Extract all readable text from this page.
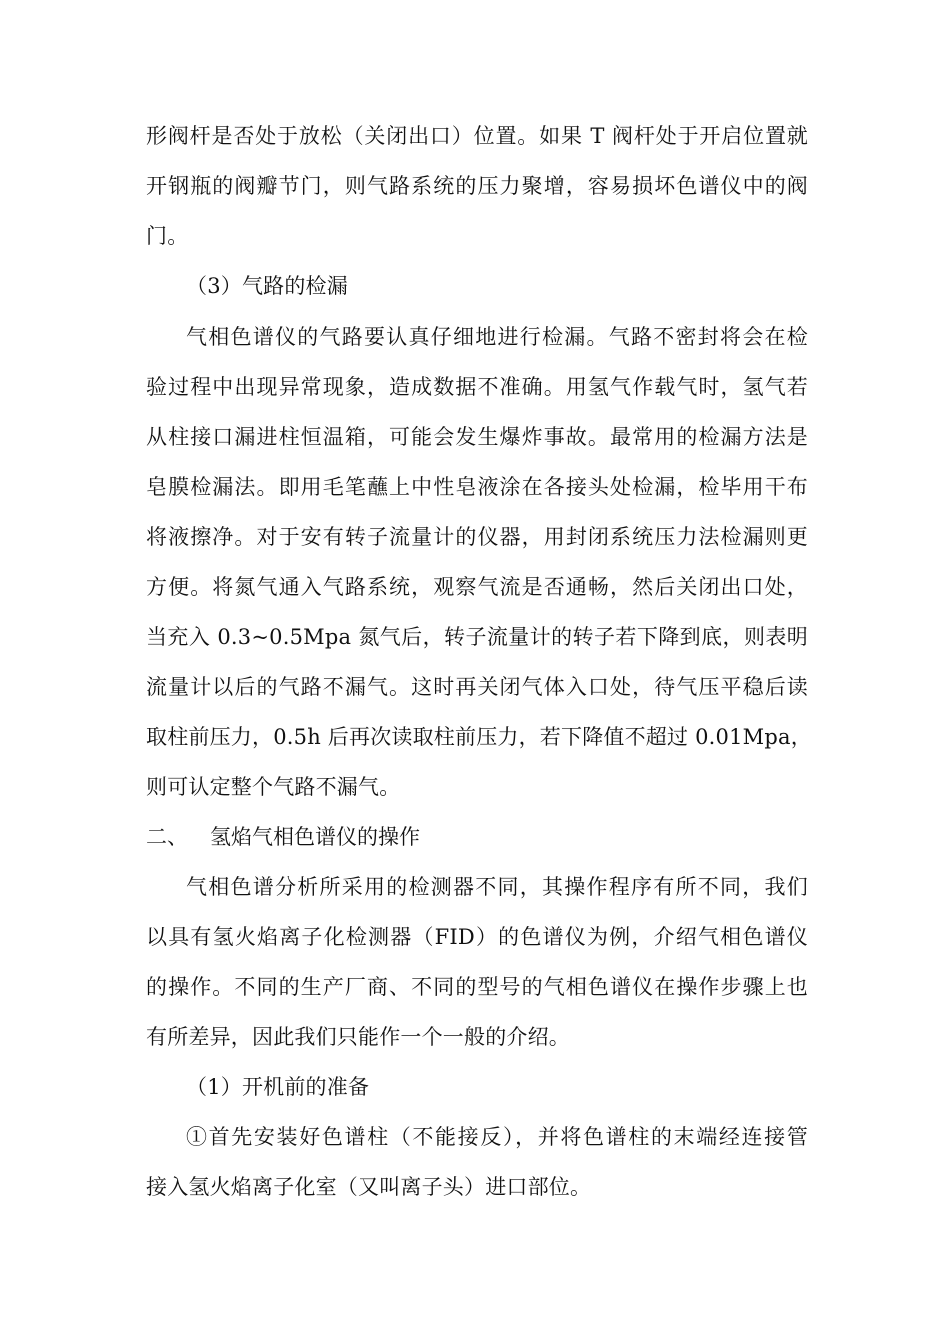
形阀杆是否处于放松（关闭出口）位置。如果 T 阀杆处于开启位置就
开钢瓶的阀瓣节门，则气路系统的压力聚增，容易损坏色谱仪中的阀
门。
（3）气路的检漏
气相色谱仪的气路要认真仔细地进行检漏。气路不密封将会在检
验过程中出现异常现象，造成数据不准确。用氢气作载气时，氢气若
从柱接口漏进柱恒温箱，可能会发生爆炸事故。最常用的检漏方法是
皂膜检漏法。即用毛笔蘸上中性皂液涂在各接头处检漏，检毕用干布
将液擦净。对于安有转子流量计的仪器，用封闭系统压力法检漏则更
方便。将氮气通入气路系统，观察气流是否通畅，然后关闭出口处，
当充入 0.3~0.5Mpa 氮气后，转子流量计的转子若下降到底，则表明
流量计以后的气路不漏气。这时再关闭气体入口处，待气压平稳后读
取柱前压力，0.5h 后再次读取柱前压力，若下降值不超过 0.01Mpa，
则可认定整个气路不漏气。
二、 氢焰气相色谱仪的操作
气相色谱分析所采用的检测器不同，其操作程序有所不同，我们
以具有氢火焰离子化检测器（FID）的色谱仪为例，介绍气相色谱仪
的操作。不同的生产厂商、不同的型号的气相色谱仪在操作步骤上也
有所差异，因此我们只能作一个一般的介绍。
（1）开机前的准备
①首先安装好色谱柱（不能接反），并将色谱柱的末端经连接管
接入氢火焰离子化室（又叫离子头）进口部位。
